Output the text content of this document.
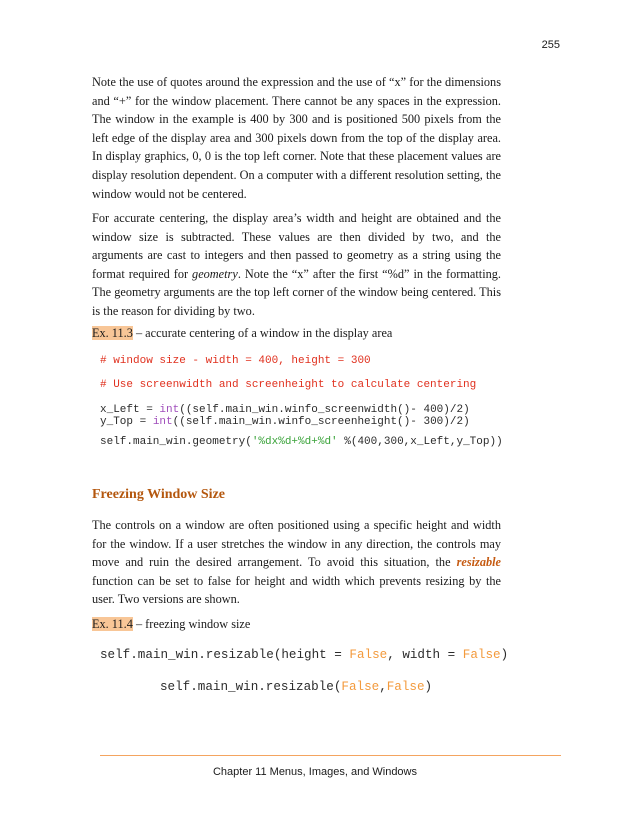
255

Note the use of quotes around the expression and the use of “x” for the dimensions and “+” for the window placement. There cannot be any spaces in the expression. The window in the example is 400 by 300 and is positioned 500 pixels from the left edge of the display area and 300 pixels down from the top of the display area. In display graphics, 0, 0 is the top left corner. Note that these placement values are display resolution dependent. On a computer with a different resolution setting, the window would not be centered.

For accurate centering, the display area’s width and height are obtained and the window size is subtracted. These values are then divided by two, and the arguments are cast to integers and then passed to geometry as a string using the format required for geometry. Note the “x” after the first “%d” in the formatting. The geometry arguments are the top left corner of the window being centered. This is the reason for dividing by two.

Ex. 11.3 – accurate centering of a window in the display area
# window size - width = 400, height = 300
# Use screenwidth and screenheight to calculate centering
x_Left = int((self.main_win.winfo_screenwidth()- 400)/2)
y_Top = int((self.main_win.winfo_screenheight()- 300)/2)
self.main_win.geometry('%dx%d+%d+%d' %(400,300,x_Left,y_Top))
Freezing Window Size

The controls on a window are often positioned using a specific height and width for the window. If a user stretches the window in any direction, the controls may move and ruin the desired arrangement. To avoid this situation, the resizable function can be set to false for height and width which prevents resizing by the user. Two versions are shown.

Ex. 11.4 – freezing window size
self.main_win.resizable(height = False, width = False)
self.main_win.resizable(False,False)
Chapter 11 Menus, Images, and Windows
